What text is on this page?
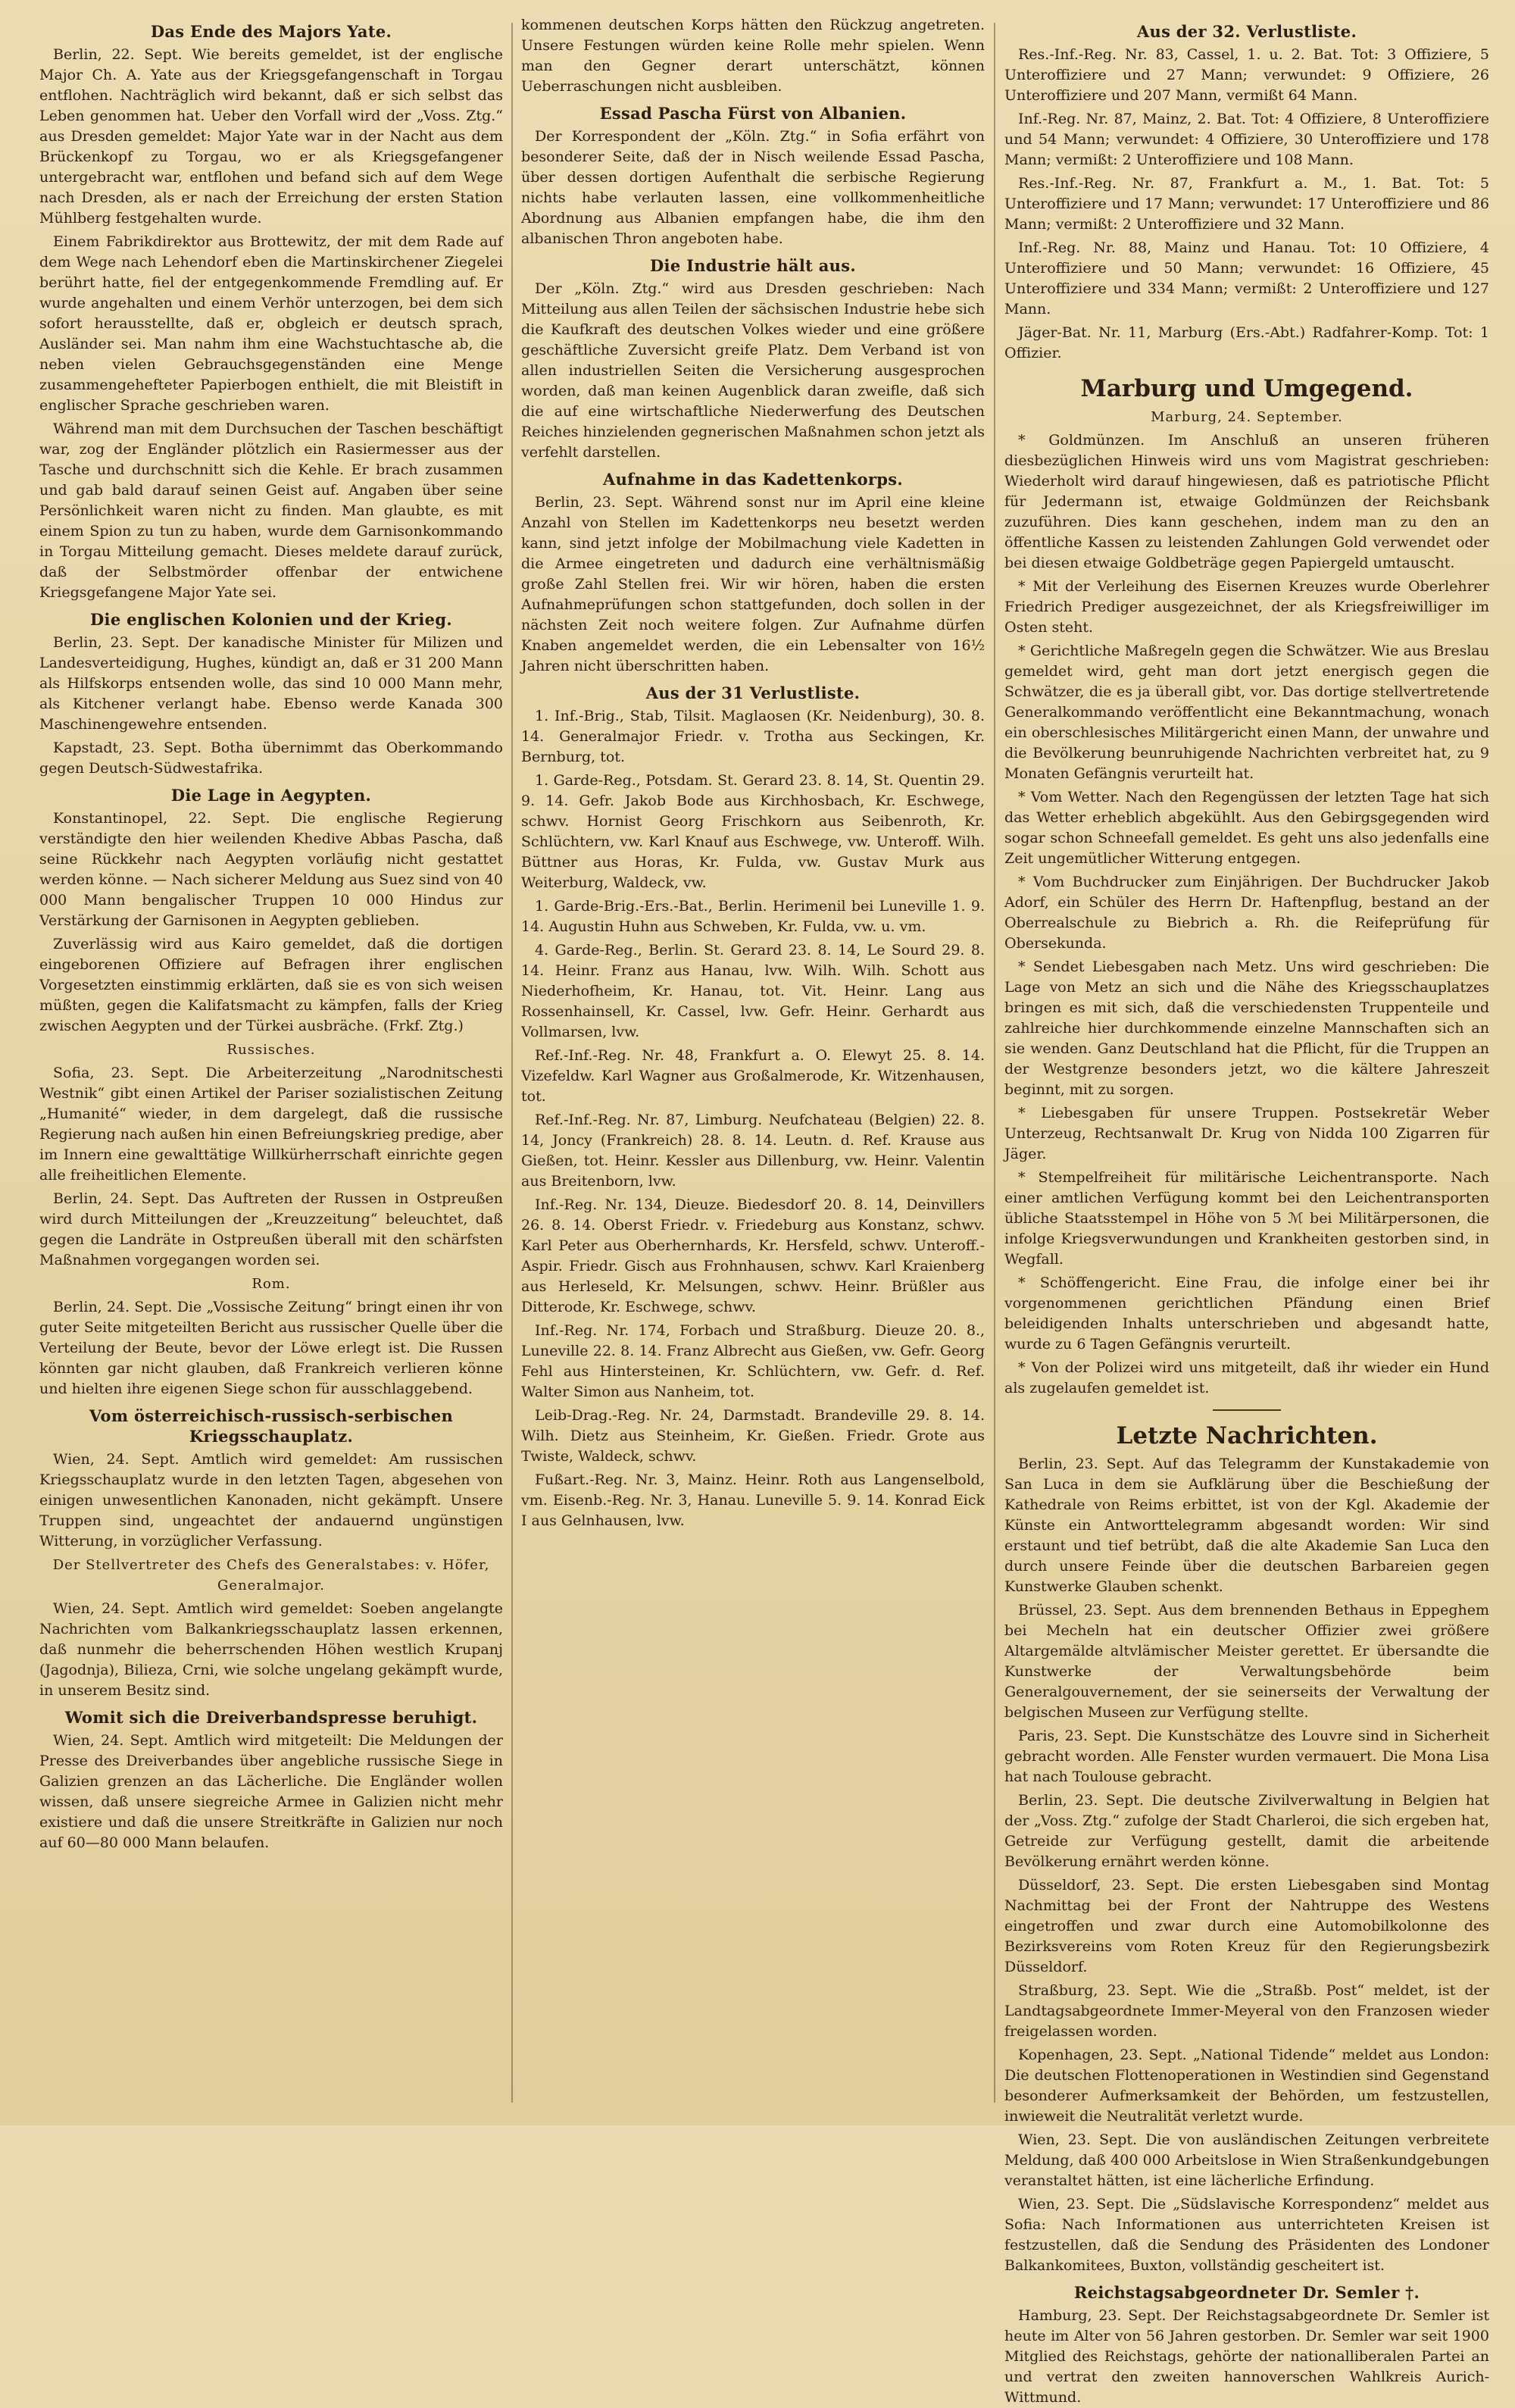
Das Ende des Majors Yate.

Berlin, 22. Sept. Wie bereits gemeldet, ist der englische Major Ch. A. Yate aus der Kriegsgefangenschaft in Torgau entflohen. Nachträglich wird bekannt, daß er sich selbst das Leben genommen hat. Ueber den Vorfall wird der „Voss. Ztg.“ aus Dresden gemeldet: Major Yate war in der Nacht aus dem Brückenkopf zu Torgau, wo er als Kriegsgefangener untergebracht war, entflohen und befand sich auf dem Wege nach Dresden, als er nach der Erreichung der ersten Station Mühlberg festgehalten wurde.

Einem Fabrikdirektor aus Brottewitz, der mit dem Rade auf dem Wege nach Lehendorf eben die Martinskirchener Ziegelei berührt hatte, fiel der entgegenkommende Fremdling auf. Er wurde angehalten und einem Verhör unterzogen, bei dem sich sofort herausstellte, daß er, obgleich er deutsch sprach, Ausländer sei. Man nahm ihm eine Wachstuchtasche ab, die neben vielen Gebrauchsgegenständen eine Menge zusammengehefteter Papierbogen enthielt, die mit Bleistift in englischer Sprache geschrieben waren.

Während man mit dem Durchsuchen der Taschen beschäftigt war, zog der Engländer plötzlich ein Rasiermesser aus der Tasche und durchschnitt sich die Kehle. Er brach zusammen und gab bald darauf seinen Geist auf. Angaben über seine Persönlichkeit waren nicht zu finden. Man glaubte, es mit einem Spion zu tun zu haben, wurde dem Garnisonkommando in Torgau Mitteilung gemacht. Dieses meldete darauf zurück, daß der Selbstmörder offenbar der entwichene Kriegsgefangene Major Yate sei.

Die englischen Kolonien und der Krieg.

Berlin, 23. Sept. Der kanadische Minister für Milizen und Landesverteidigung, Hughes, kündigt an, daß er 31 200 Mann als Hilfskorps entsenden wolle, das sind 10 000 Mann mehr, als Kitchener verlangt habe. Ebenso werde Kanada 300 Maschinengewehre entsenden.

Kapstadt, 23. Sept. Botha übernimmt das Oberkommando gegen Deutsch-Südwestafrika.

Die Lage in Aegypten.

Konstantinopel, 22. Sept. Die englische Regierung verständigte den hier weilenden Khedive Abbas Pascha, daß seine Rückkehr nach Aegypten vorläufig nicht gestattet werden könne. — Nach sicherer Meldung aus Suez sind von 40 000 Mann bengalischer Truppen 10 000 Hindus zur Verstärkung der Garnisonen in Aegypten geblieben.

Zuverlässig wird aus Kairo gemeldet, daß die dortigen eingeborenen Offiziere auf Befragen ihrer englischen Vorgesetzten einstimmig erklärten, daß sie es von sich weisen müßten, gegen die Kalifatsmacht zu kämpfen, falls der Krieg zwischen Aegypten und der Türkei ausbräche. (Frkf. Ztg.)

Russisches.

Sofia, 23. Sept. Die Arbeiterzeitung „Narodnitschesti Westnik“ gibt einen Artikel der Pariser sozialistischen Zeitung „Humanité“ wieder, in dem dargelegt, daß die russische Regierung nach außen hin einen Befreiungskrieg predige, aber im Innern eine gewalttätige Willkürherrschaft einrichte gegen alle freiheitlichen Elemente.

Berlin, 24. Sept. Das Auftreten der Russen in Ostpreußen wird durch Mitteilungen der „Kreuzzeitung“ beleuchtet, daß gegen die Landräte in Ostpreußen überall mit den schärfsten Maßnahmen vorgegangen worden sei.

Rom.

Berlin, 24. Sept. Die „Vossische Zeitung“ bringt einen ihr von guter Seite mitgeteilten Bericht aus russischer Quelle über die Verteilung der Beute, bevor der Löwe erlegt ist. Die Russen könnten gar nicht glauben, daß Frankreich verlieren könne und hielten ihre eigenen Siege schon für ausschlaggebend.

Vom österreichisch-russisch-serbischen Kriegsschauplatz.

Wien, 24. Sept. Amtlich wird gemeldet: Am russischen Kriegsschauplatz wurde in den letzten Tagen, abgesehen von einigen unwesentlichen Kanonaden, nicht gekämpft. Unsere Truppen sind, ungeachtet der andauernd ungünstigen Witterung, in vorzüglicher Verfassung.

Der Stellvertreter des Chefs des Generalstabes: v. Höfer, Generalmajor.

Wien, 24. Sept. Amtlich wird gemeldet: Soeben angelangte Nachrichten vom Balkankriegsschauplatz lassen erkennen, daß nunmehr die beherrschenden Höhen westlich Krupanj (Jagodnja), Bilieza, Crni, wie solche ungelang gekämpft wurde, in unserem Besitz sind.

Womit sich die Dreiverbandspresse beruhigt.

Wien, 24. Sept. Amtlich wird mitgeteilt: Die Meldungen der Presse des Dreiverbandes über angebliche russische Siege in Galizien grenzen an das Lächerliche. Die Engländer wollen wissen, daß unsere siegreiche Armee in Galizien nicht mehr existiere und daß die unsere Streitkräfte in Galizien nur noch auf 60—80 000 Mann belaufen.

kommenen deutschen Korps hätten den Rückzug angetreten. Unsere Festungen würden keine Rolle mehr spielen. Wenn man den Gegner derart unterschätzt, können Ueberraschungen nicht ausbleiben.

Essad Pascha Fürst von Albanien.

Der Korrespondent der „Köln. Ztg.“ in Sofia erfährt von besonderer Seite, daß der in Nisch weilende Essad Pascha, über dessen dortigen Aufenthalt die serbische Regierung nichts habe verlauten lassen, eine vollkommenheitliche Abordnung aus Albanien empfangen habe, die ihm den albanischen Thron angeboten habe.

Die Industrie hält aus.

Der „Köln. Ztg.“ wird aus Dresden geschrieben: Nach Mitteilung aus allen Teilen der sächsischen Industrie hebe sich die Kaufkraft des deutschen Volkes wieder und eine größere geschäftliche Zuversicht greife Platz. Dem Verband ist von allen industriellen Seiten die Versicherung ausgesprochen worden, daß man keinen Augenblick daran zweifle, daß sich die auf eine wirtschaftliche Niederwerfung des Deutschen Reiches hinzielenden gegnerischen Maßnahmen schon jetzt als verfehlt darstellen.

Aufnahme in das Kadettenkorps.

Berlin, 23. Sept. Während sonst nur im April eine kleine Anzahl von Stellen im Kadettenkorps neu besetzt werden kann, sind jetzt infolge der Mobilmachung viele Kadetten in die Armee eingetreten und dadurch eine verhältnismäßig große Zahl Stellen frei. Wir wir hören, haben die ersten Aufnahmeprüfungen schon stattgefunden, doch sollen in der nächsten Zeit noch weitere folgen. Zur Aufnahme dürfen Knaben angemeldet werden, die ein Lebensalter von 16½ Jahren nicht überschritten haben.

Aus der 31 Verlustliste.

1. Inf.-Brig., Stab, Tilsit. Maglaosen (Kr. Neidenburg), 30. 8. 14. Generalmajor Friedr. v. Trotha aus Seckingen, Kr. Bernburg, tot.

1. Garde-Reg., Potsdam. St. Gerard 23. 8. 14, St. Quentin 29. 9. 14. Gefr. Jakob Bode aus Kirchhosbach, Kr. Eschwege, schwv. Hornist Georg Frischkorn aus Seibenroth, Kr. Schlüchtern, vw. Karl Knauf aus Eschwege, vw. Unteroff. Wilh. Büttner aus Horas, Kr. Fulda, vw. Gustav Murk aus Weiterburg, Waldeck, vw.

1. Garde-Brig.-Ers.-Bat., Berlin. Herimenil bei Luneville 1. 9. 14. Augustin Huhn aus Schweben, Kr. Fulda, vw. u. vm.

4. Garde-Reg., Berlin. St. Gerard 23. 8. 14, Le Sourd 29. 8. 14. Heinr. Franz aus Hanau, lvw. Wilh. Wilh. Schott aus Niederhofheim, Kr. Hanau, tot. Vit. Heinr. Lang aus Rossenhainsell, Kr. Cassel, lvw. Gefr. Heinr. Gerhardt aus Vollmarsen, lvw.

Ref.-Inf.-Reg. Nr. 48, Frankfurt a. O. Elewyt 25. 8. 14. Vizefeldw. Karl Wagner aus Großalmerode, Kr. Witzenhausen, tot.

Ref.-Inf.-Reg. Nr. 87, Limburg. Neufchateau (Belgien) 22. 8. 14, Joncy (Frankreich) 28. 8. 14. Leutn. d. Ref. Krause aus Gießen, tot. Heinr. Kessler aus Dillenburg, vw. Heinr. Valentin aus Breitenborn, lvw.

Inf.-Reg. Nr. 134, Dieuze. Biedesdorf 20. 8. 14, Deinvillers 26. 8. 14. Oberst Friedr. v. Friedeburg aus Konstanz, schwv. Karl Peter aus Oberhernhards, Kr. Hersfeld, schwv. Unteroff.-Aspir. Friedr. Gisch aus Frohnhausen, schwv. Karl Kraienberg aus Herleseld, Kr. Melsungen, schwv. Heinr. Brüßler aus Ditterode, Kr. Eschwege, schwv.

Inf.-Reg. Nr. 174, Forbach und Straßburg. Dieuze 20. 8., Luneville 22. 8. 14. Franz Albrecht aus Gießen, vw. Gefr. Georg Fehl aus Hintersteinen, Kr. Schlüchtern, vw. Gefr. d. Ref. Walter Simon aus Nanheim, tot.

Leib-Drag.-Reg. Nr. 24, Darmstadt. Brandeville 29. 8. 14. Wilh. Dietz aus Steinheim, Kr. Gießen. Friedr. Grote aus Twiste, Waldeck, schwv.

Fußart.-Reg. Nr. 3, Mainz. Heinr. Roth aus Langenselbold, vm. Eisenb.-Reg. Nr. 3, Hanau. Luneville 5. 9. 14. Konrad Eick I aus Gelnhausen, lvw.

Aus der 32. Verlustliste.

Res.-Inf.-Reg. Nr. 83, Cassel, 1. u. 2. Bat. Tot: 3 Offiziere, 5 Unteroffiziere und 27 Mann; verwundet: 9 Offiziere, 26 Unteroffiziere und 207 Mann, vermißt 64 Mann.

Inf.-Reg. Nr. 87, Mainz, 2. Bat. Tot: 4 Offiziere, 8 Unteroffiziere und 54 Mann; verwundet: 4 Offiziere, 30 Unteroffiziere und 178 Mann; vermißt: 2 Unteroffiziere und 108 Mann.

Res.-Inf.-Reg. Nr. 87, Frankfurt a. M., 1. Bat. Tot: 5 Unteroffiziere und 17 Mann; verwundet: 17 Unteroffiziere und 86 Mann; vermißt: 2 Unteroffiziere und 32 Mann.

Inf.-Reg. Nr. 88, Mainz und Hanau. Tot: 10 Offiziere, 4 Unteroffiziere und 50 Mann; verwundet: 16 Offiziere, 45 Unteroffiziere und 334 Mann; vermißt: 2 Unteroffiziere und 127 Mann.

Jäger-Bat. Nr. 11, Marburg (Ers.-Abt.) Radfahrer-Komp. Tot: 1 Offizier.

Marburg und Umgegend.
Marburg, 24. September.

* Goldmünzen. Im Anschluß an unseren früheren diesbezüglichen Hinweis wird uns vom Magistrat geschrieben: Wiederholt wird darauf hingewiesen, daß es patriotische Pflicht für Jedermann ist, etwaige Goldmünzen der Reichsbank zuzuführen. Dies kann geschehen, indem man zu den an öffentliche Kassen zu leistenden Zahlungen Gold verwendet oder bei diesen etwaige Goldbeträge gegen Papiergeld umtauscht.

* Mit der Verleihung des Eisernen Kreuzes wurde Oberlehrer Friedrich Prediger ausgezeichnet, der als Kriegsfreiwilliger im Osten steht.

* Gerichtliche Maßregeln gegen die Schwätzer. Wie aus Breslau gemeldet wird, geht man dort jetzt energisch gegen die Schwätzer, die es ja überall gibt, vor. Das dortige stellvertretende Generalkommando veröffentlicht eine Bekanntmachung, wonach ein oberschlesisches Militärgericht einen Mann, der unwahre und die Bevölkerung beunruhigende Nachrichten verbreitet hat, zu 9 Monaten Gefängnis verurteilt hat.

* Vom Wetter. Nach den Regengüssen der letzten Tage hat sich das Wetter erheblich abgekühlt. Aus den Gebirgsgegenden wird sogar schon Schneefall gemeldet. Es geht uns also jedenfalls eine Zeit ungemütlicher Witterung entgegen.

* Vom Buchdrucker zum Einjährigen. Der Buchdrucker Jakob Adorf, ein Schüler des Herrn Dr. Haftenpflug, bestand an der Oberrealschule zu Biebrich a. Rh. die Reifeprüfung für Obersekunda.

* Sendet Liebesgaben nach Metz. Uns wird geschrieben: Die Lage von Metz an sich und die Nähe des Kriegsschauplatzes bringen es mit sich, daß die verschiedensten Truppenteile und zahlreiche hier durchkommende einzelne Mannschaften sich an sie wenden. Ganz Deutschland hat die Pflicht, für die Truppen an der Westgrenze besonders jetzt, wo die kältere Jahreszeit beginnt, mit zu sorgen.

* Liebesgaben für unsere Truppen. Postsekretär Weber Unterzeug, Rechtsanwalt Dr. Krug von Nidda 100 Zigarren für Jäger.

* Stempelfreiheit für militärische Leichentransporte. Nach einer amtlichen Verfügung kommt bei den Leichentransporten übliche Staatsstempel in Höhe von 5 ℳ bei Militärpersonen, die infolge Kriegsverwundungen und Krankheiten gestorben sind, in Wegfall.

* Schöffengericht. Eine Frau, die infolge einer bei ihr vorgenommenen gerichtlichen Pfändung einen Brief beleidigenden Inhalts unterschrieben und abgesandt hatte, wurde zu 6 Tagen Gefängnis verurteilt.

* Von der Polizei wird uns mitgeteilt, daß ihr wieder ein Hund als zugelaufen gemeldet ist.

Letzte Nachrichten.

Berlin, 23. Sept. Auf das Telegramm der Kunstakademie von San Luca in dem sie Aufklärung über die Beschießung der Kathedrale von Reims erbittet, ist von der Kgl. Akademie der Künste ein Antworttelegramm abgesandt worden: Wir sind erstaunt und tief betrübt, daß die alte Akademie San Luca den durch unsere Feinde über die deutschen Barbareien gegen Kunstwerke Glauben schenkt.

Brüssel, 23. Sept. Aus dem brennenden Bethaus in Eppeghem bei Mecheln hat ein deutscher Offizier zwei größere Altargemälde altvlämischer Meister gerettet. Er übersandte die Kunstwerke der Verwaltungsbehörde beim Generalgouvernement, der sie seinerseits der Verwaltung der belgischen Museen zur Verfügung stellte.

Paris, 23. Sept. Die Kunstschätze des Louvre sind in Sicherheit gebracht worden. Alle Fenster wurden vermauert. Die Mona Lisa hat nach Toulouse gebracht.

Berlin, 23. Sept. Die deutsche Zivilverwaltung in Belgien hat der „Voss. Ztg.“ zufolge der Stadt Charleroi, die sich ergeben hat, Getreide zur Verfügung gestellt, damit die arbeitende Bevölkerung ernährt werden könne.

Düsseldorf, 23. Sept. Die ersten Liebesgaben sind Montag Nachmittag bei der Front der Nahtruppe des Westens eingetroffen und zwar durch eine Automobilkolonne des Bezirksvereins vom Roten Kreuz für den Regierungsbezirk Düsseldorf.

Straßburg, 23. Sept. Wie die „Straßb. Post“ meldet, ist der Landtagsabgeordnete Immer-Meyeral von den Franzosen wieder freigelassen worden.

Kopenhagen, 23. Sept. „National Tidende“ meldet aus London: Die deutschen Flottenoperationen in Westindien sind Gegenstand besonderer Aufmerksamkeit der Behörden, um festzustellen, inwieweit die Neutralität verletzt wurde.

Wien, 23. Sept. Die von ausländischen Zeitungen verbreitete Meldung, daß 400 000 Arbeitslose in Wien Straßenkundgebungen veranstaltet hätten, ist eine lächerliche Erfindung.

Wien, 23. Sept. Die „Südslavische Korrespondenz“ meldet aus Sofia: Nach Informationen aus unterrichteten Kreisen ist festzustellen, daß die Sendung des Präsidenten des Londoner Balkankomitees, Buxton, vollständig gescheitert ist.

Reichstagsabgeordneter Dr. Semler †.

Hamburg, 23. Sept. Der Reichstagsabgeordnete Dr. Semler ist heute im Alter von 56 Jahren gestorben. Dr. Semler war seit 1900 Mitglied des Reichstags, gehörte der nationalliberalen Partei an und vertrat den zweiten hannoverschen Wahlkreis Aurich-Wittmund.
